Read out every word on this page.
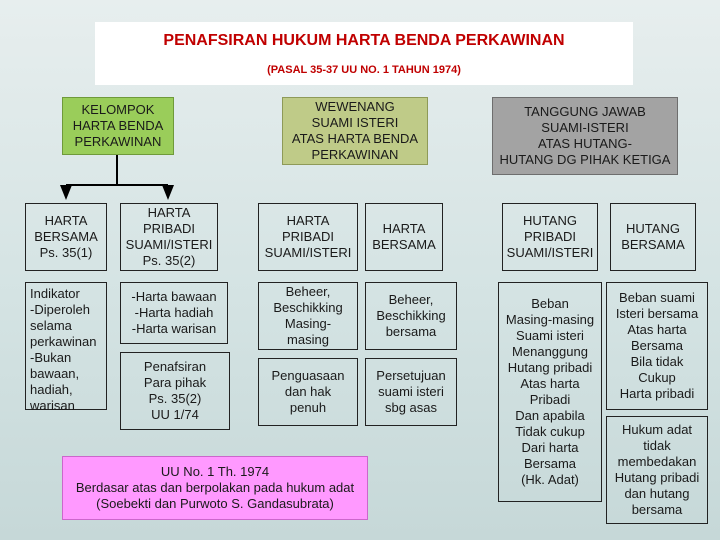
PENAFSIRAN HUKUM HARTA BENDA PERKAWINAN
(PASAL 35-37 UU NO. 1 TAHUN 1974)
KELOMPOK
HARTA BENDA
PERKAWINAN
HARTA
BERSAMA
Ps. 35(1)
HARTA
PRIBADI
SUAMI/ISTERI
Ps. 35(2)
Indikator
-Diperoleh
selama
perkawinan
-Bukan
bawaan,
hadiah,
warisan
-Harta bawaan
-Harta hadiah
-Harta warisan
Penafsiran
Para pihak
Ps. 35(2)
UU 1/74
WEWENANG
SUAMI ISTERI
ATAS HARTA BENDA
PERKAWINAN
HARTA
PRIBADI
SUAMI/ISTERI
HARTA
BERSAMA
Beheer,
Beschikking
Masing-
masing
Beheer,
Beschikking
bersama
Penguasaan
dan hak
penuh
Persetujuan
suami isteri
sbg asas
TANGGUNG JAWAB
SUAMI-ISTERI
ATAS HUTANG-
HUTANG DG PIHAK KETIGA
HUTANG
PRIBADI
SUAMI/ISTERI
HUTANG
BERSAMA
Beban
Masing-masing
Suami isteri
Menanggung
Hutang pribadi
Atas harta
Pribadi
Dan apabila
Tidak cukup
Dari harta
Bersama
(Hk. Adat)
Beban suami
Isteri bersama
Atas harta
Bersama
Bila tidak
Cukup
Harta pribadi
Hukum adat
tidak
membedakan
Hutang pribadi
dan hutang
bersama
UU No. 1 Th. 1974
Berdasar atas dan berpolakan pada hukum adat
(Soebekti dan Purwoto S. Gandasubrata)
